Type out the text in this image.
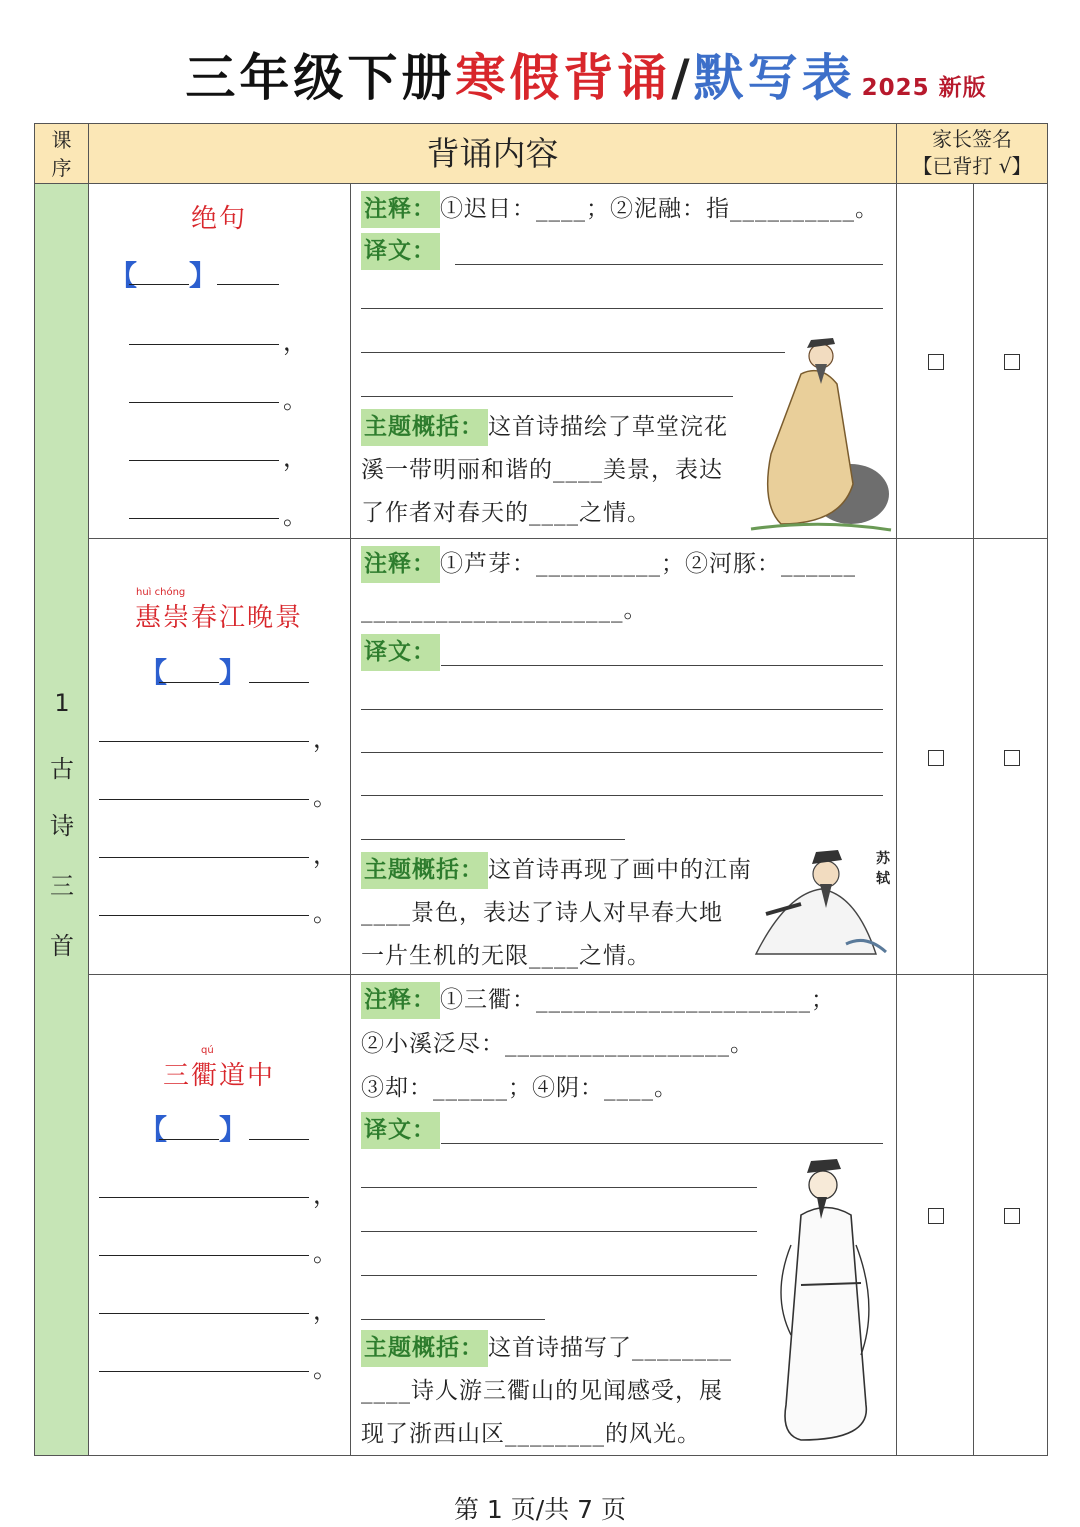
三年级下册寒假背诵/默写表 2025 新版
课
序	背诵内容	家长签名
【已背打 √】
1
古
诗
三
首
绝句
【 】
，
。
，
。
注释： ①迟日：____；②泥融：指__________。
译文：
主题概括： 这首诗描绘了草堂浣花
溪一带明丽和谐的____美景，表达
了作者对春天的____之情。
huì chóng
惠崇春江晚景
【 】
，
。
，
。
注释： ①芦芽：__________；②河豚：______
_____________________。
译文：
主题概括： 这首诗再现了画中的江南
____景色，表达了诗人对早春大地
一片生机的无限____之情。
苏轼
qú
三衢道中
【 】
，
。
，
。
注释： ①三衢：______________________；
②小溪泛尽：__________________。
③却：______；④阴：____。
译文：
主题概括： 这首诗描写了________
____诗人游三衢山的见闻感受，展
现了浙西山区________的风光。
第 1 页/共 7 页
